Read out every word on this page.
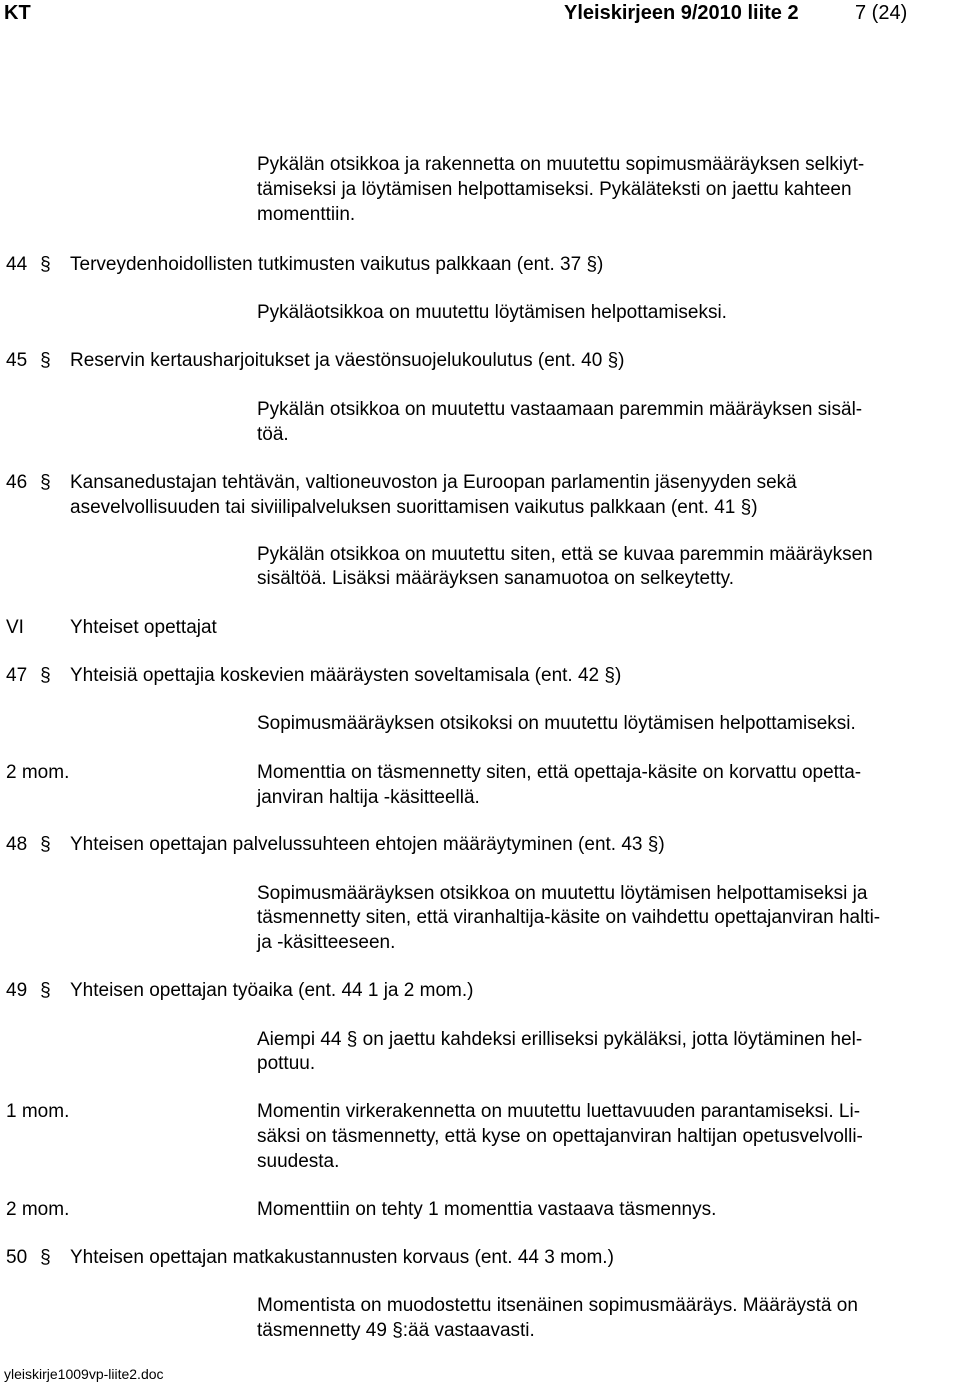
KT	Yleiskirjeen 9/2010 liite 2	7 (24)
Pykälän otsikkoa ja rakennetta on muutettu sopimusmääräyksen selkiyt-
tämiseksi ja löytämisen helpottamiseksi. Pykäläteksti on jaettu kahteen
momenttiin.
44 §	Terveydenhoidollisten tutkimusten vaikutus palkkaan (ent. 37 §)
Pykäläotsikkoa on muutettu löytämisen helpottamiseksi.
45 §	Reservin kertausharjoitukset ja väestönsuojelukoulutus (ent. 40 §)
Pykälän otsikkoa on muutettu vastaamaan paremmin määräyksen sisäl-
töä.
46 §	Kansanedustajan tehtävän, valtioneuvoston ja Euroopan parlamentin jäsenyyden sekä
asevelvollisuuden tai siviilipalveluksen suorittamisen vaikutus palkkaan (ent. 41 §)
Pykälän otsikkoa on muutettu siten, että se kuvaa paremmin määräyksen
sisältöä. Lisäksi määräyksen sanamuotoa on selkeytetty.
VI Yhteiset opettajat
47 §	Yhteisiä opettajia koskevien määräysten soveltamisala (ent. 42 §)
Sopimusmääräyksen otsikoksi on muutettu löytämisen helpottamiseksi.
2 mom.	Momenttia on täsmennetty siten, että opettaja-käsite on korvattu opetta-
janviran haltija -käsitteellä.
48 §	Yhteisen opettajan palvelussuhteen ehtojen määräytyminen (ent. 43 §)
Sopimusmääräyksen otsikkoa on muutettu löytämisen helpottamiseksi ja
täsmennetty siten, että viranhaltija-käsite on vaihdettu opettajanviran halti-
ja -käsitteeseen.
49 §	Yhteisen opettajan työaika (ent. 44 1 ja 2 mom.)
Aiempi 44 § on jaettu kahdeksi erilliseksi pykäläksi, jotta löytäminen hel-
pottuu.
1 mom.	Momentin virkerakennetta on muutettu luettavuuden parantamiseksi. Li-
säksi on täsmennetty, että kyse on opettajanviran haltijan opetusvelvolli-
suudesta.
2 mom.	Momenttiin on tehty 1 momenttia vastaava täsmennys.
50 §	Yhteisen opettajan matkakustannusten korvaus (ent. 44 3 mom.)
Momentista on muodostettu itsenäinen sopimusmääräys. Määräystä on
täsmennetty 49 §:ää vastaavasti.
yleiskirje1009vp-liite2.doc
